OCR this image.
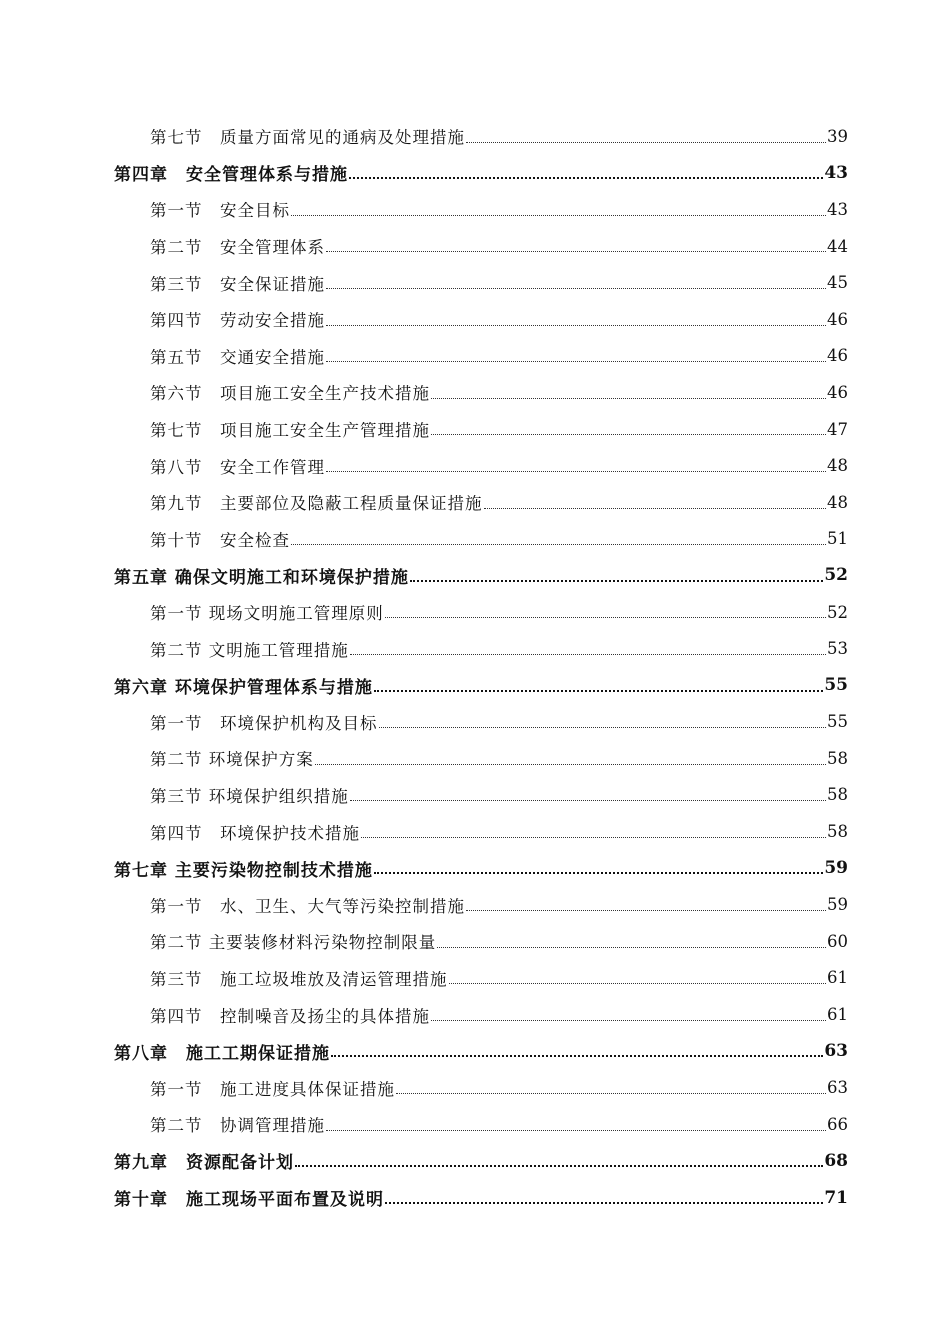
第七节　质量方面常见的通病及处理措施	39
第四章　安全管理体系与措施	43
第一节　安全目标	43
第二节　安全管理体系	44
第三节　安全保证措施	45
第四节　劳动安全措施	46
第五节　交通安全措施	46
第六节　项目施工安全生产技术措施	46
第七节　项目施工安全生产管理措施	47
第八节　安全工作管理	48
第九节　主要部位及隐蔽工程质量保证措施	48
第十节　安全检查	51
第五章 确保文明施工和环境保护措施	52
第一节 现场文明施工管理原则	52
第二节 文明施工管理措施	53
第六章 环境保护管理体系与措施	55
第一节　环境保护机构及目标	55
第二节 环境保护方案	58
第三节 环境保护组织措施	58
第四节　环境保护技术措施	58
第七章 主要污染物控制技术措施	59
第一节　水、卫生、大气等污染控制措施	59
第二节 主要装修材料污染物控制限量	60
第三节　施工垃圾堆放及清运管理措施	61
第四节　控制噪音及扬尘的具体措施	61
第八章　施工工期保证措施	63
第一节　施工进度具体保证措施	63
第二节　协调管理措施	66
第九章　资源配备计划	68
第十章　施工现场平面布置及说明	71
